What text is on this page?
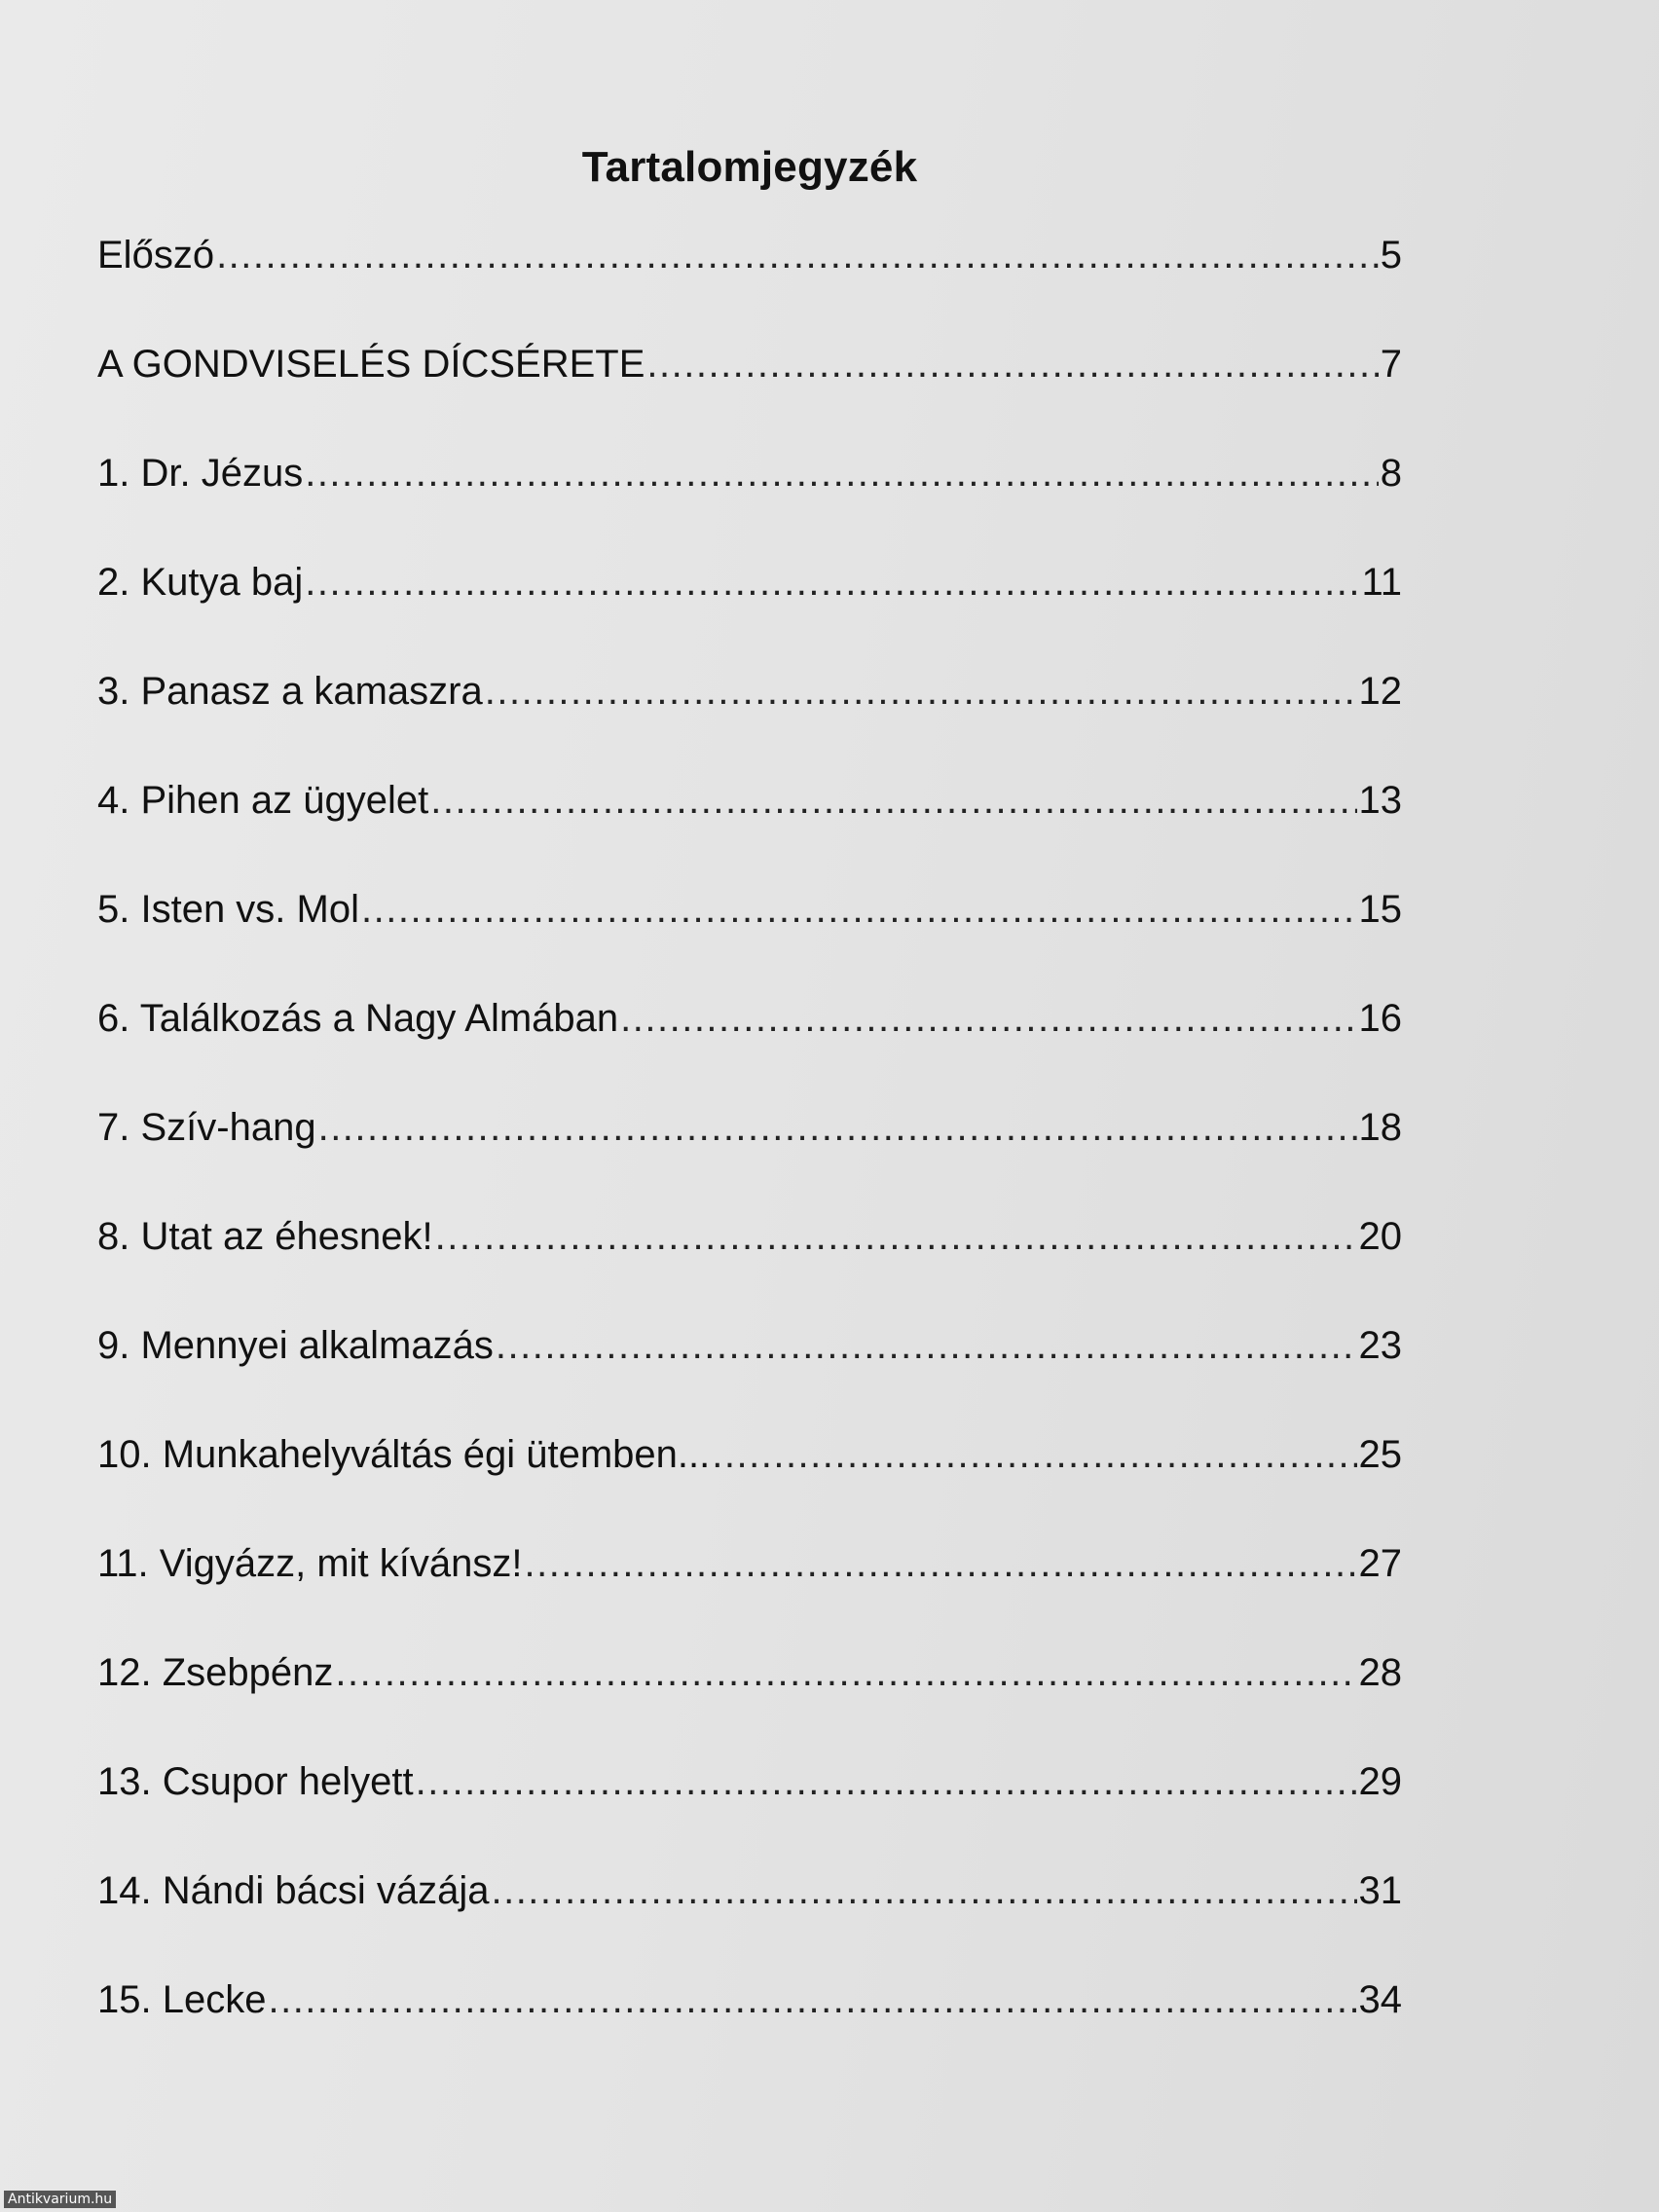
Tartalomjegyzék
Előszó .....	5
A GONDVISELÉS DÍCSÉRETE .....	7
1. Dr. Jézus .....	8
2. Kutya baj .....	11
3. Panasz a kamaszra .....	12
4. Pihen az ügyelet .....	13
5. Isten vs. Mol .....	15
6. Találkozás a Nagy Almában .....	16
7. Szív-hang .....	18
8. Utat az éhesnek! .....	20
9. Mennyei alkalmazás .....	23
10. Munkahelyváltás égi ütemben... .....	25
11. Vigyázz, mit kívánsz! .....	27
12. Zsebpénz .....	28
13. Csupor helyett .....	29
14. Nándi bácsi vázája .....	31
15. Lecke .....	34
Antikvarium.hu
